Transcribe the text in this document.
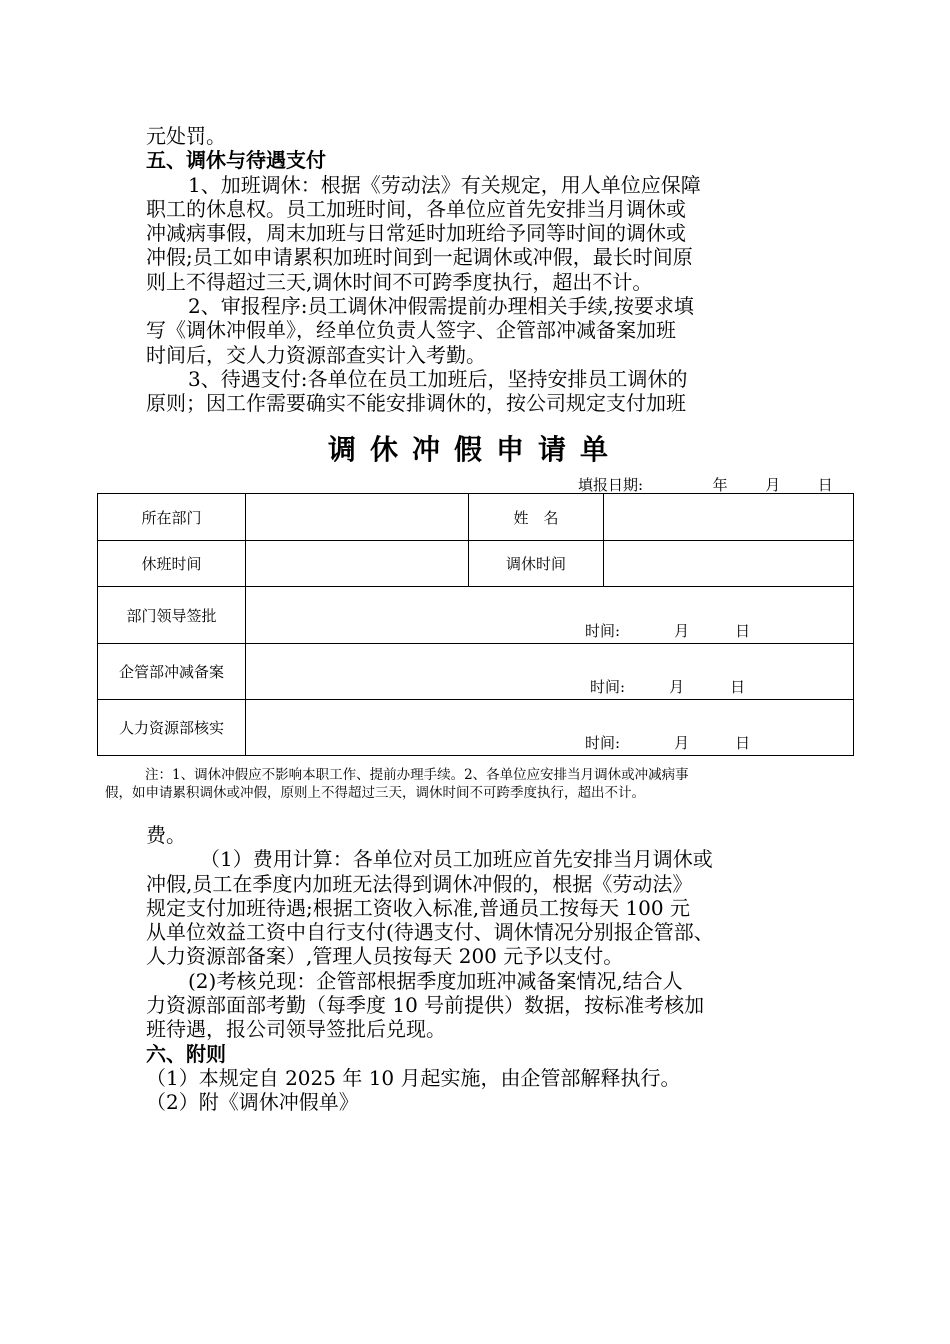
元处罚。
五、调休与待遇支付
1、加班调休：根据《劳动法》有关规定，用人单位应保障
职工的休息权。员工加班时间，各单位应首先安排当月调休或
冲减病事假，周末加班与日常延时加班给予同等时间的调休或
冲假;员工如申请累积加班时间到一起调休或冲假，最长时间原
则上不得超过三天,调休时间不可跨季度执行，超出不计。
2、审报程序:员工调休冲假需提前办理相关手续,按要求填
写《调休冲假单》，经单位负责人签字、企管部冲减备案加班
时间后，交人力资源部查实计入考勤。
3、待遇支付:各单位在员工加班后，坚持安排员工调休的
原则；因工作需要确实不能安排调休的，按公司规定支付加班
调休冲假申请单
填报日期:	年	月	日
所在部门		姓　名	
休班时间		调休时间	
部门领导签批	时间: 月 日		

企管部冲减备案	时间: 月 日		

人力资源部核实	时间: 月 日		
注：1、调休冲假应不影响本职工作、提前办理手续。2、各单位应安排当月调休或冲减病事
假，如申请累积调休或冲假，原则上不得超过三天，调休时间不可跨季度执行，超出不计。
费。
（1）费用计算：各单位对员工加班应首先安排当月调休或
冲假,员工在季度内加班无法得到调休冲假的，根据《劳动法》
规定支付加班待遇;根据工资收入标准,普通员工按每天 100 元
从单位效益工资中自行支付(待遇支付、调休情况分别报企管部、
人力资源部备案）,管理人员按每天 200 元予以支付。
(2)考核兑现：企管部根据季度加班冲减备案情况,结合人
力资源部面部考勤（每季度 10 号前提供）数据，按标准考核加
班待遇，报公司领导签批后兑现。
六、附则
（1）本规定自 2025 年 10 月起实施，由企管部解释执行。
（2）附《调休冲假单》
